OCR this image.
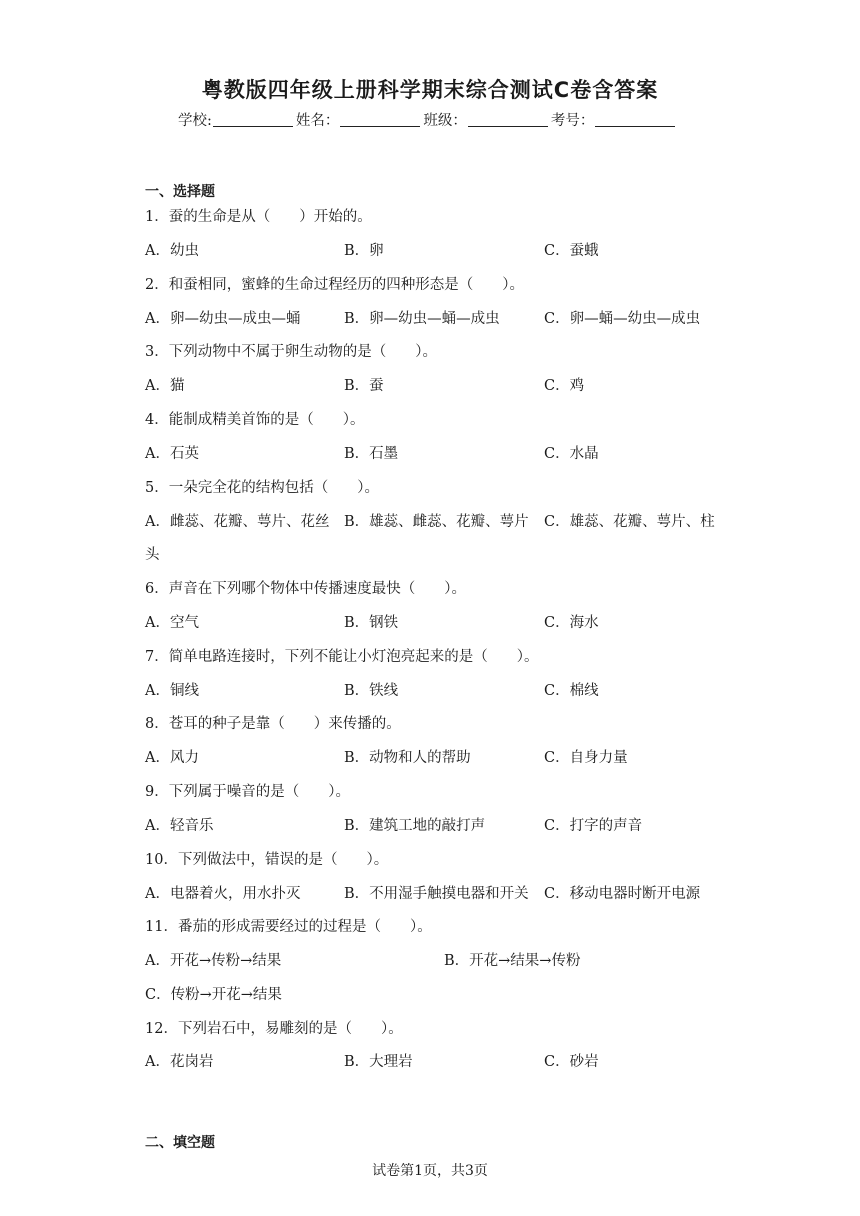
粤教版四年级上册科学期末综合测试C卷含答案
学校:	姓名：	班级：	考号：
一、选择题
1．蚕的生命是从（　　）开始的。
A．幼虫	B．卵	C．蚕蛾
2．和蚕相同，蜜蜂的生命过程经历的四种形态是（　　）。
A．卵—幼虫—成虫—蛹	B．卵—幼虫—蛹—成虫	C．卵—蛹—幼虫—成虫
3．下列动物中不属于卵生动物的是（　　）。
A．猫	B．蚕	C．鸡
4．能制成精美首饰的是（　　）。
A．石英	B．石墨	C．水晶
5．一朵完全花的结构包括（　　）。
A．雌蕊、花瓣、萼片、花丝 B．雄蕊、雌蕊、花瓣、萼片 C．雄蕊、花瓣、萼片、柱
头
6．声音在下列哪个物体中传播速度最快（　　）。
A．空气	B．钢铁	C．海水
7．简单电路连接时，下列不能让小灯泡亮起来的是（　　）。
A．铜线	B．铁线	C．棉线
8．苍耳的种子是靠（　　）来传播的。
A．风力	B．动物和人的帮助	C．自身力量
9．下列属于噪音的是（　　）。
A．轻音乐	B．建筑工地的敲打声	C．打字的声音
10．下列做法中，错误的是（　　）。
A．电器着火，用水扑灭	B．不用湿手触摸电器和开关 C．移动电器时断开电源
11．番茄的形成需要经过的过程是（　　）。
A．开花→传粉→结果	B．开花→结果→传粉
C．传粉→开花→结果
12．下列岩石中，易雕刻的是（　　）。
A．花岗岩	B．大理岩	C．砂岩
二、填空题
试卷第1页，共3页
